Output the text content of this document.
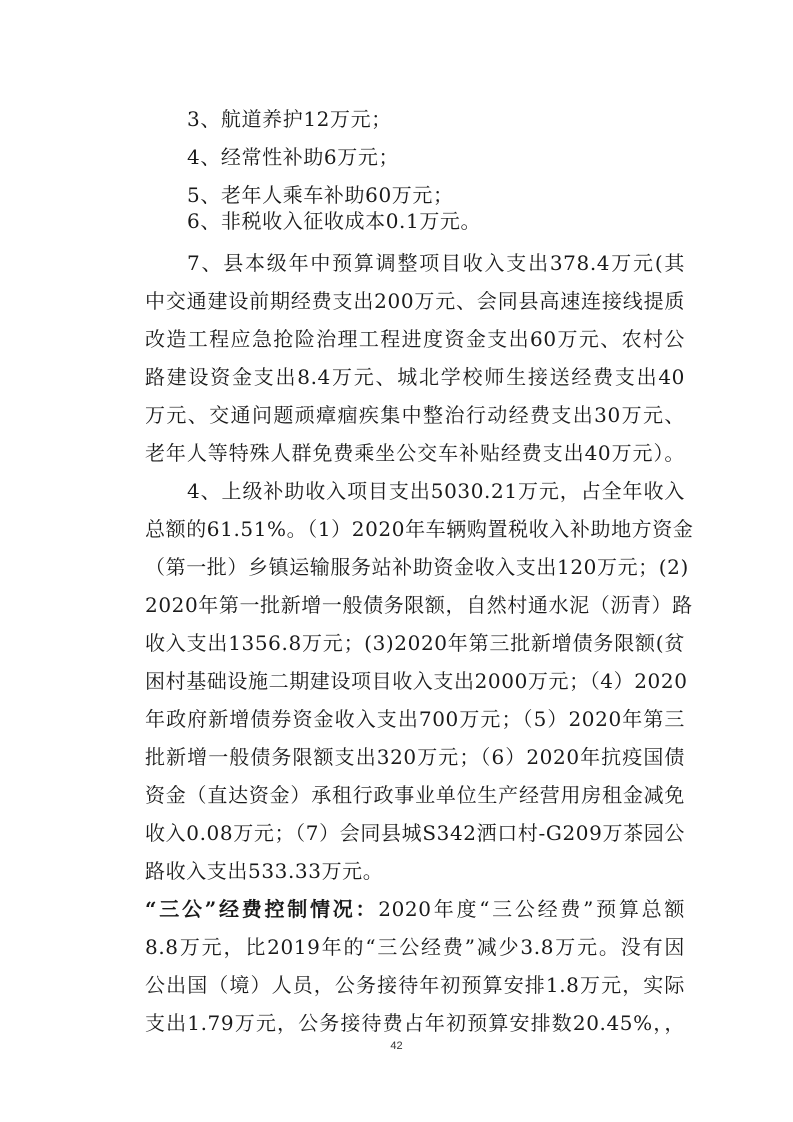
3、航道养护12万元；
4、经常性补助6万元；
5、老年人乘车补助60万元；
6、非税收入征收成本0.1万元。
7、县本级年中预算调整项目收入支出378.4万元(其
中交通建设前期经费支出200万元、会同县高速连接线提质
改造工程应急抢险治理工程进度资金支出60万元、农村公
路建设资金支出8.4万元、城北学校师生接送经费支出40
万元、交通问题顽瘴痼疾集中整治行动经费支出30万元、
老年人等特殊人群免费乘坐公交车补贴经费支出40万元）。
4、上级补助收入项目支出5030.21万元，占全年收入
总额的61.51%。（1）2020年车辆购置税收入补助地方资金
（第一批）乡镇运输服务站补助资金收入支出120万元；(2)
2020年第一批新增一般债务限额，自然村通水泥（沥青）路
收入支出1356.8万元；(3)2020年第三批新增债务限额(贫
困村基础设施二期建设项目收入支出2000万元；（4）2020
年政府新增债券资金收入支出700万元；（5）2020年第三
批新增一般债务限额支出320万元；（6）2020年抗疫国债
资金（直达资金）承租行政事业单位生产经营用房租金减免
收入0.08万元；（7）会同县城S342洒口村-G209万茶园公
路收入支出533.33万元。
“三公”经费控制情况：2020年度“三公经费”预算总额
8.8万元，比2019年的“三公经费”减少3.8万元。没有因
公出国（境）人员，公务接待年初预算安排1.8万元，实际
支出1.79万元，公务接待费占年初预算安排数20.45%，，
42
